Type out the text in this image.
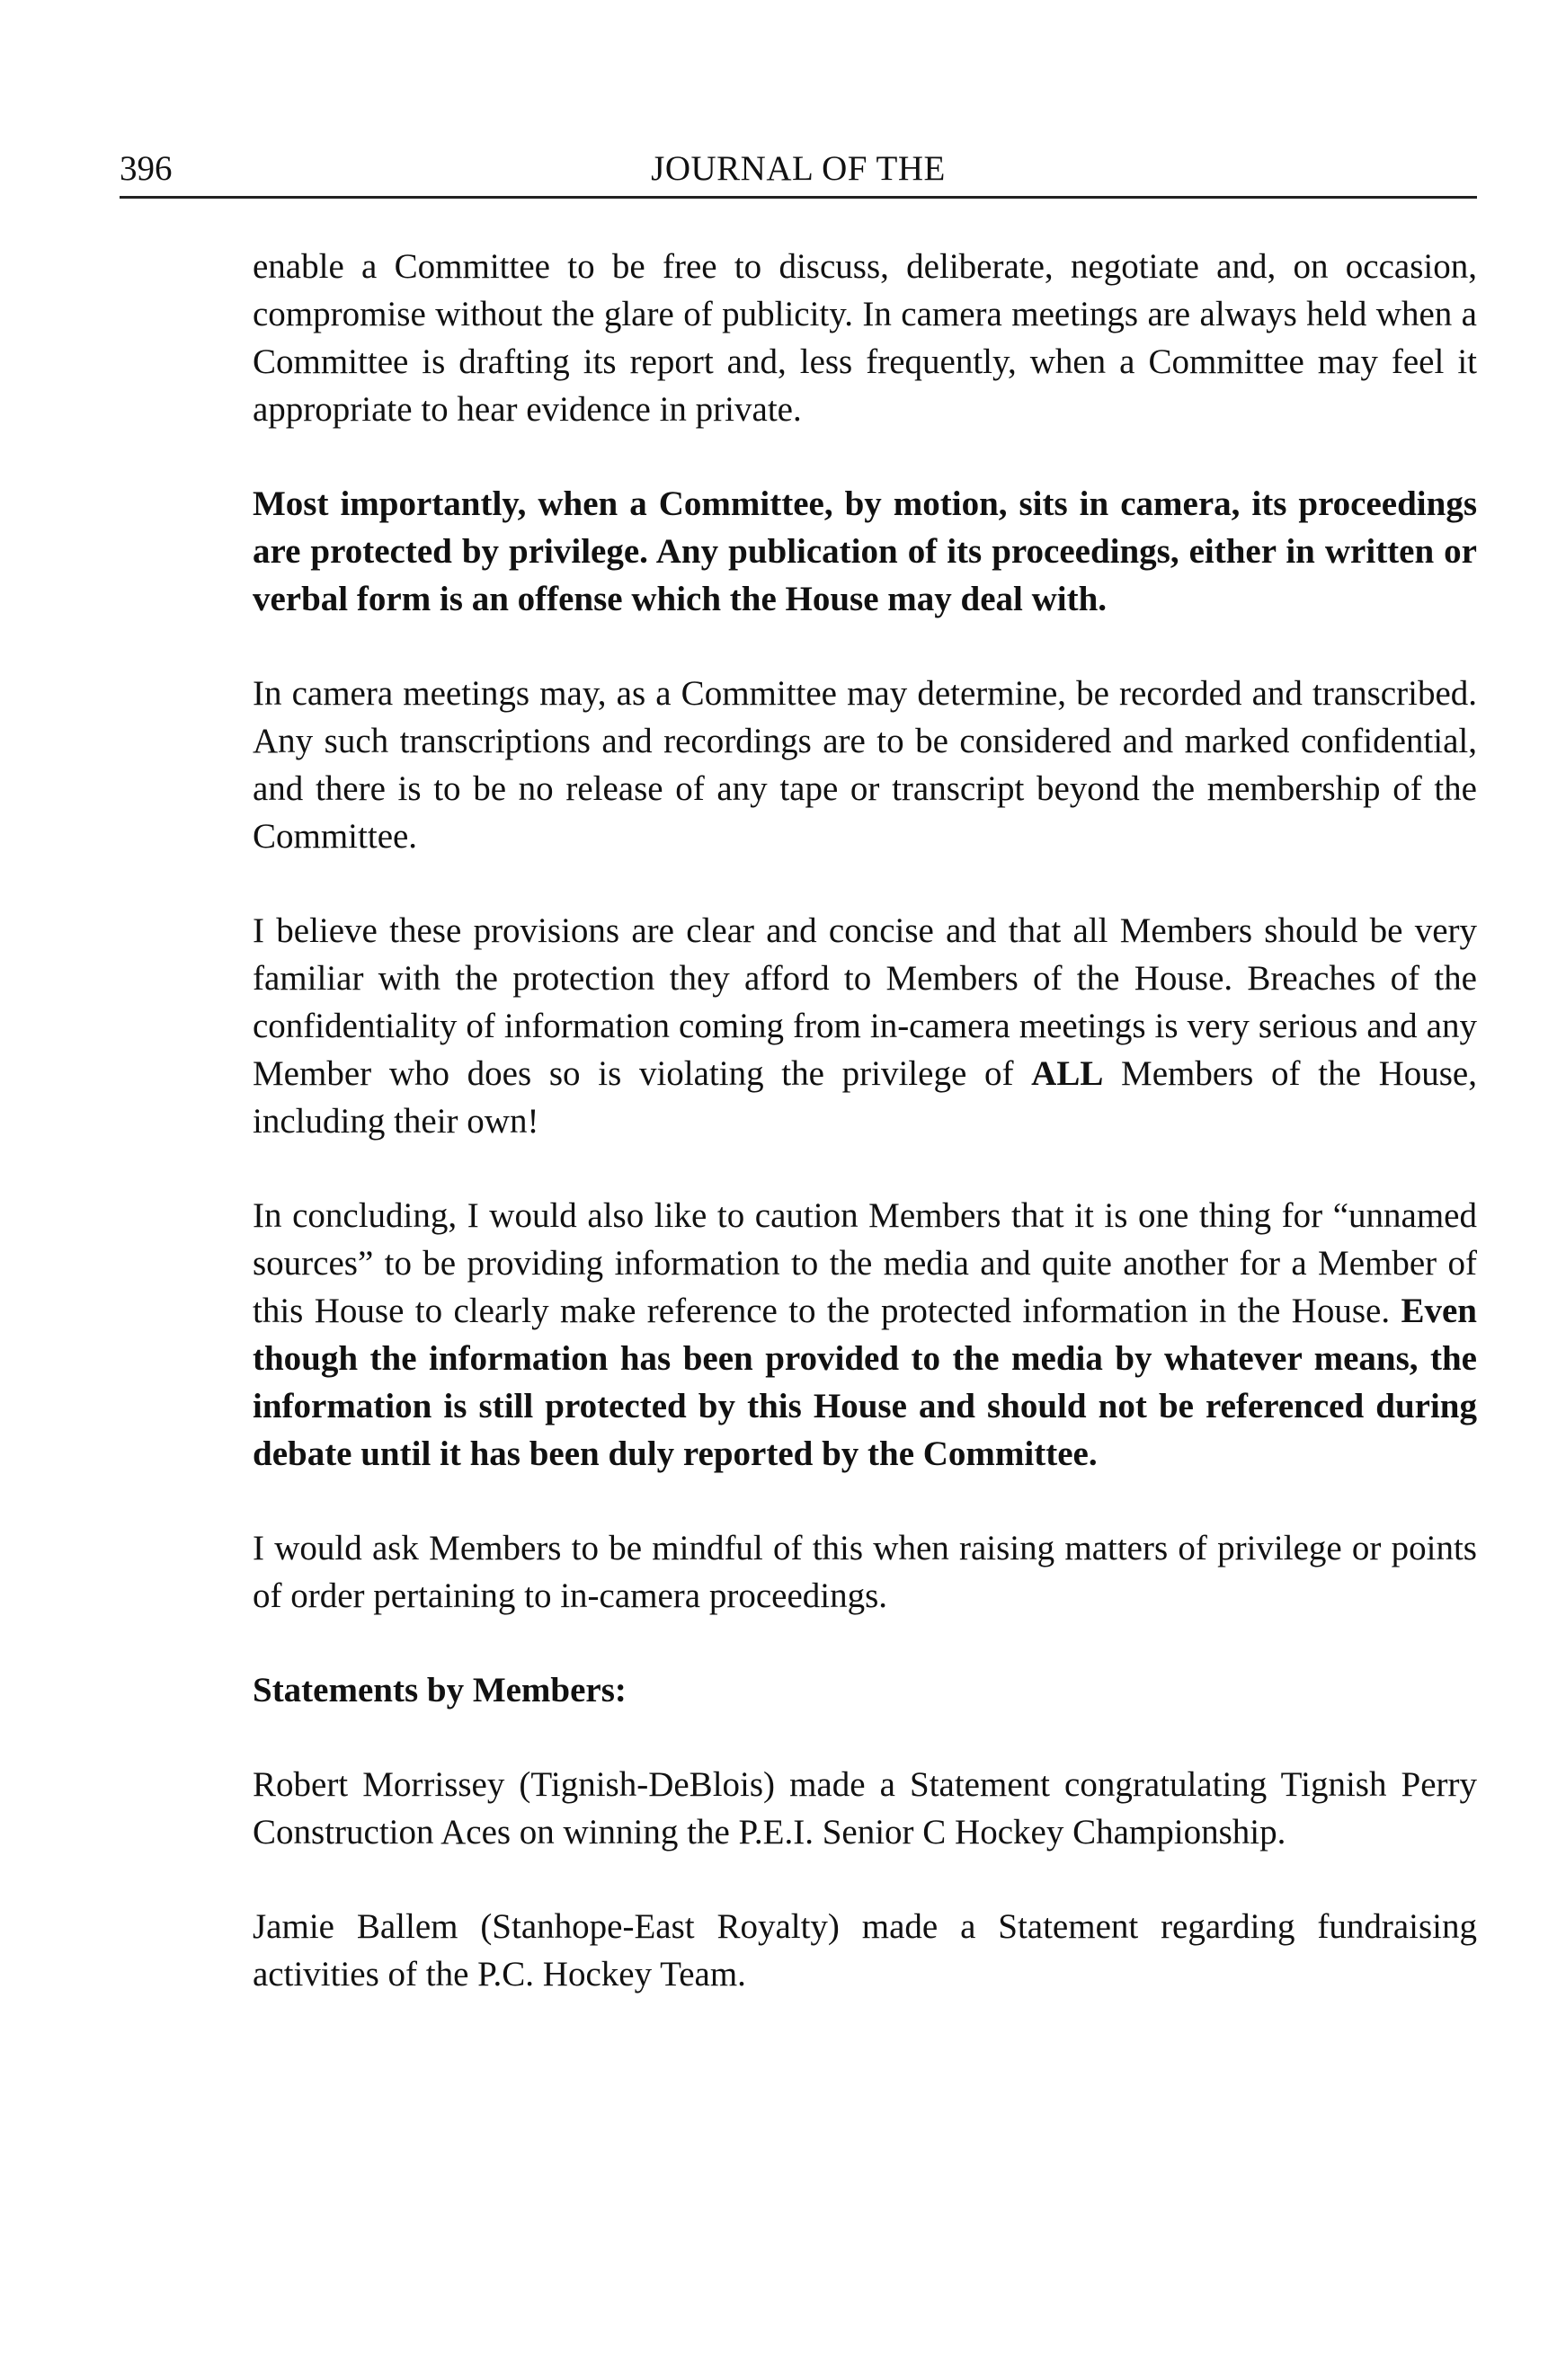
396	JOURNAL OF THE

enable a Committee to be free to discuss, deliberate, negotiate and, on occasion, compromise without the glare of publicity. In camera meetings are always held when a Committee is drafting its report and, less frequently, when a Committee may feel it appropriate to hear evidence in private.

Most importantly, when a Committee, by motion, sits in camera, its proceedings are protected by privilege. Any publication of its proceedings, either in written or verbal form is an offense which the House may deal with.

In camera meetings may, as a Committee may determine, be recorded and transcribed. Any such transcriptions and recordings are to be considered and marked confidential, and there is to be no release of any tape or transcript beyond the membership of the Committee.

I believe these provisions are clear and concise and that all Members should be very familiar with the protection they afford to Members of the House. Breaches of the confidentiality of information coming from in-camera meetings is very serious and any Member who does so is violating the privilege of ALL Members of the House, including their own!

In concluding, I would also like to caution Members that it is one thing for “unnamed sources” to be providing information to the media and quite another for a Member of this House to clearly make reference to the protected information in the House. Even though the information has been provided to the media by whatever means, the information is still protected by this House and should not be referenced during debate until it has been duly reported by the Committee.

I would ask Members to be mindful of this when raising matters of privilege or points of order pertaining to in-camera proceedings.

Statements by Members:

Robert Morrissey (Tignish-DeBlois) made a Statement congratulating Tignish Perry Construction Aces on winning the P.E.I. Senior C Hockey Championship.

Jamie Ballem (Stanhope-East Royalty) made a Statement regarding fundraising activities of the P.C. Hockey Team.
